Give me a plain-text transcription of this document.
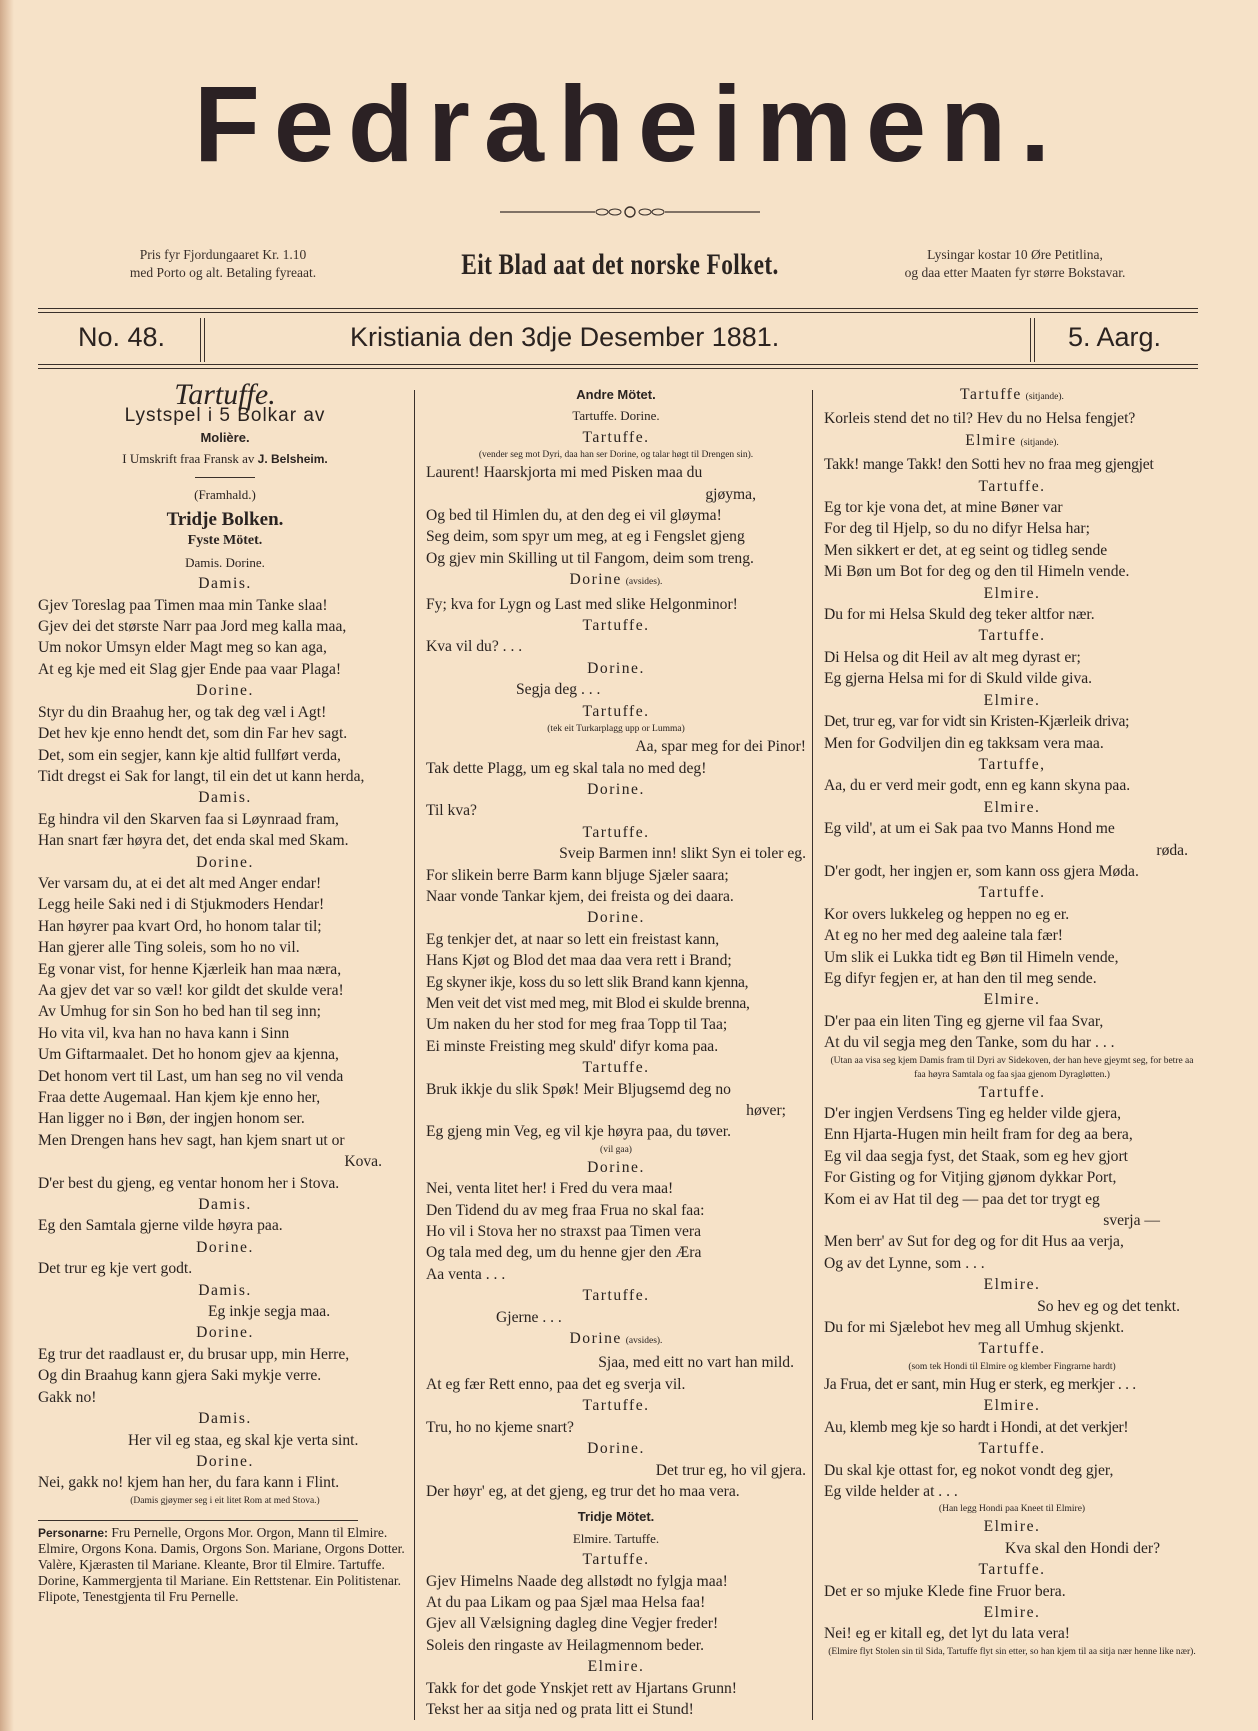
Fedraheimen.
Pris fyr Fjordungaaret Kr. 1.10
med Porto og alt. Betaling fyreaat.	Eit Blad aat det norske Folket.	Lysingar kostar 10 Øre Petitlina,
og daa etter Maaten fyr større Bokstavar.
No. 48.	Kristiania den 3dje Desember 1881.	5. Aarg.
Tartuffe.
Lystspel i 5 Bolkar av
Molière.
I Umskrift fraa Fransk av J. Belsheim.
(Framhald.)
Tridje Bolken.
Fyste Mötet.
Damis. Dorine.
Damis.
Gjev Toreslag paa Timen maa min Tanke slaa!
Gjev dei det største Narr paa Jord meg kalla maa,
Um nokor Umsyn elder Magt meg so kan aga,
At eg kje med eit Slag gjer Ende paa vaar Plaga!
Dorine.
Styr du din Braahug her, og tak deg væl i Agt!
Det hev kje enno hendt det, som din Far hev sagt.
Det, som ein segjer, kann kje altid fullført verda,
Tidt dregst ei Sak for langt, til ein det ut kann herda,
Damis.
Eg hindra vil den Skarven faa si Løynraad fram,
Han snart fær høyra det, det enda skal med Skam.
Dorine.
Ver varsam du, at ei det alt med Anger endar!
Legg heile Saki ned i di Stjukmoders Hendar!
Han høyrer paa kvart Ord, ho honom talar til;
Han gjerer alle Ting soleis, som ho no vil.
Eg vonar vist, for henne Kjærleik han maa næra,
Aa gjev det var so væl! kor gildt det skulde vera!
Av Umhug for sin Son ho bed han til seg inn;
Ho vita vil, kva han no hava kann i Sinn
Um Giftarmaalet. Det ho honom gjev aa kjenna,
Det honom vert til Last, um han seg no vil venda
Fraa dette Augemaal. Han kjem kje enno her,
Han ligger no i Bøn, der ingjen honom ser.
Men Drengen hans hev sagt, han kjem snart ut or
Kova.
D'er best du gjeng, eg ventar honom her i Stova.
Damis.
Eg den Samtala gjerne vilde høyra paa.
Dorine.
Det trur eg kje vert godt.
Damis.
Eg inkje segja maa.
Dorine.
Eg trur det raadlaust er, du brusar upp, min Herre,
Og din Braahug kann gjera Saki mykje verre.
Gakk no!
Damis.
Her vil eg staa, eg skal kje verta sint.
Dorine.
Nei, gakk no! kjem han her, du fara kann i Flint.
(Damis gjøymer seg i eit litet Rom at med Stova.)
Personarne: Fru Pernelle, Orgons Mor. Orgon, Mann til Elmire. Elmire, Orgons Kona. Damis, Orgons Son. Mariane, Orgons Dotter. Valère, Kjærasten til Mariane. Kleante, Bror til Elmire. Tartuffe. Dorine, Kammergjenta til Mariane. Ein Rettstenar. Ein Politistenar. Flipote, Tenestgjenta til Fru Pernelle.
Andre Mötet.
Tartuffe. Dorine.
Tartuffe.
(vender seg mot Dyri, daa han ser Dorine, og talar høgt til Drengen sin).
Laurent! Haarskjorta mi med Pisken maa du
gjøyma,
Og bed til Himlen du, at den deg ei vil gløyma!
Seg deim, som spyr um meg, at eg i Fengslet gjeng
Og gjev min Skilling ut til Fangom, deim som treng.
Dorine (avsides).
Fy; kva for Lygn og Last med slike Helgonminor!
Tartuffe.
Kva vil du? . . .
Dorine.
Segja deg . . .
Tartuffe.
(tek eit Turkarplagg upp or Lumma)
Aa, spar meg for dei Pinor!
Tak dette Plagg, um eg skal tala no med deg!
Dorine.
Til kva?
Tartuffe.
Sveip Barmen inn! slikt Syn ei toler eg.
For slikein berre Barm kann bljuge Sjæler saara;
Naar vonde Tankar kjem, dei freista og dei daara.
Dorine.
Eg tenkjer det, at naar so lett ein freistast kann,
Hans Kjøt og Blod det maa daa vera rett i Brand;
Eg skyner ikje, koss du so lett slik Brand kann kjenna,
Men veit det vist med meg, mit Blod ei skulde brenna,
Um naken du her stod for meg fraa Topp til Taa;
Ei minste Freisting meg skuld' difyr koma paa.
Tartuffe.
Bruk ikkje du slik Spøk! Meir Bljugsemd deg no
høver;
Eg gjeng min Veg, eg vil kje høyra paa, du tøver.
(vil gaa)
Dorine.
Nei, venta litet her! i Fred du vera maa!
Den Tidend du av meg fraa Frua no skal faa:
Ho vil i Stova her no straxst paa Timen vera
Og tala med deg, um du henne gjer den Æra
Aa venta . . .
Tartuffe.
Gjerne . . .
Dorine (avsides).
Sjaa, med eitt no vart han mild.
At eg fær Rett enno, paa det eg sverja vil.
Tartuffe.
Tru, ho no kjeme snart?
Dorine.
Det trur eg, ho vil gjera.
Der høyr' eg, at det gjeng, eg trur det ho maa vera.
Tridje Mötet.
Elmire. Tartuffe.
Tartuffe.
Gjev Himelns Naade deg allstødt no fylgja maa!
At du paa Likam og paa Sjæl maa Helsa faa!
Gjev all Vælsigning dagleg dine Vegjer freder!
Soleis den ringaste av Heilagmennom beder.
Elmire.
Takk for det gode Ynskjet rett av Hjartans Grunn!
Tekst her aa sitja ned og prata litt ei Stund!
Tartuffe (sitjande).
Korleis stend det no til? Hev du no Helsa fengjet?
Elmire (sitjande).
Takk! mange Takk! den Sotti hev no fraa meg gjengjet
Tartuffe.
Eg tor kje vona det, at mine Bøner var
For deg til Hjelp, so du no difyr Helsa har;
Men sikkert er det, at eg seint og tidleg sende
Mi Bøn um Bot for deg og den til Himeln vende.
Elmire.
Du for mi Helsa Skuld deg teker altfor nær.
Tartuffe.
Di Helsa og dit Heil av alt meg dyrast er;
Eg gjerna Helsa mi for di Skuld vilde giva.
Elmire.
Det, trur eg, var for vidt sin Kristen-Kjærleik driva;
Men for Godviljen din eg takksam vera maa.
Tartuffe,
Aa, du er verd meir godt, enn eg kann skyna paa.
Elmire.
Eg vild', at um ei Sak paa tvo Manns Hond me
røda.
D'er godt, her ingjen er, som kann oss gjera Møda.
Tartuffe.
Kor overs lukkeleg og heppen no eg er.
At eg no her med deg aaleine tala fær!
Um slik ei Lukka tidt eg Bøn til Himeln vende,
Eg difyr fegjen er, at han den til meg sende.
Elmire.
D'er paa ein liten Ting eg gjerne vil faa Svar,
At du vil segja meg den Tanke, som du har . . .
(Utan aa visa seg kjem Damis fram til Dyri av Sidekoven, der han heve gjeymt seg, for betre aa faa høyra Samtala og faa sjaa gjenom Dyragløtten.)
Tartuffe.
D'er ingjen Verdsens Ting eg helder vilde gjera,
Enn Hjarta-Hugen min heilt fram for deg aa bera,
Eg vil daa segja fyst, det Staak, som eg hev gjort
For Gisting og for Vitjing gjønom dykkar Port,
Kom ei av Hat til deg — paa det tor trygt eg
sverja —
Men berr' av Sut for deg og for dit Hus aa verja,
Og av det Lynne, som . . .
Elmire.
So hev eg og det tenkt.
Du for mi Sjælebot hev meg all Umhug skjenkt.
Tartuffe.
(som tek Hondi til Elmire og klember Fingrarne hardt)
Ja Frua, det er sant, min Hug er sterk, eg merkjer . . .
Elmire.
Au, klemb meg kje so hardt i Hondi, at det verkjer!
Tartuffe.
Du skal kje ottast for, eg nokot vondt deg gjer,
Eg vilde helder at . . .
(Han legg Hondi paa Kneet til Elmire)
Elmire.
Kva skal den Hondi der?
Tartuffe.
Det er so mjuke Klede fine Fruor bera.
Elmire.
Nei! eg er kitall eg, det lyt du lata vera!
(Elmire flyt Stolen sin til Sida, Tartuffe flyt sin etter, so han kjem til aa sitja nær henne like nær).
